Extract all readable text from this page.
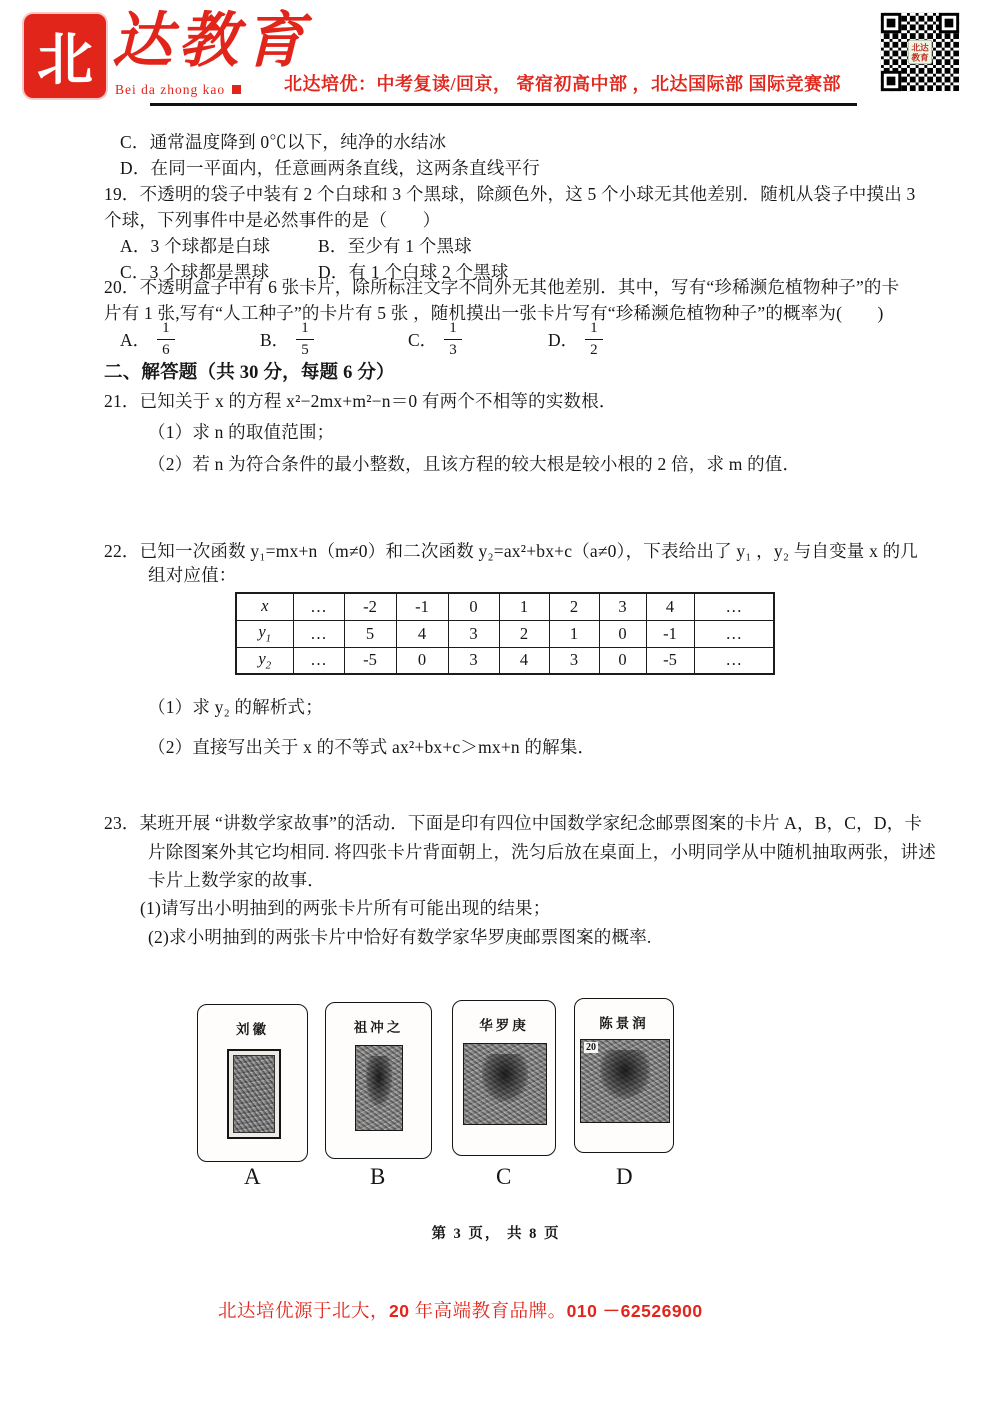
北 达教育
Bei da zhong kao	北达培优：中考复读/回京， 寄宿初高中部 ，北达国际部 国际竞赛部
北达
教育
C．通常温度降到 0℃以下，纯净的水结冰
D．在同一平面内，任意画两条直线，这两条直线平行
19．不透明的袋子中装有 2 个白球和 3 个黑球，除颜色外，这 5 个小球无其他差别．随机从袋子中摸出 3
个球，下列事件中是必然事件的是（　　）
A．3 个球都是白球	B．至少有 1 个黑球
C．3 个球都是黑球	D．有 1 个白球 2 个黑球
20．不透明盒子中有 6 张卡片，除所标注文字不同外无其他差别．其中，写有“珍稀濒危植物种子”的卡
片有 1 张,写有“人工种子”的卡片有 5 张 ，随机摸出一张卡片写有“珍稀濒危植物种子”的概率为(　　)
A． $\frac{1}{6}$	B． $\frac{1}{5}$	C． $\frac{1}{3}$	D． $\frac{1}{2}$
二、解答题（共 30 分，每题 6 分）
21．已知关于 x 的方程 x²−2mx+m²−n＝0 有两个不相等的实数根．
（1）求 n 的取值范围；
（2）若 n 为符合条件的最小整数，且该方程的较大根是较小根的 2 倍，求 m 的值．
22．已知一次函数 y₁=mx+n（m≠0）和二次函数 y₂=ax²+bx+c（a≠0），下表给出了 y₁ ，y₂ 与自变量 x 的几
组对应值：
x	…	-2	-1	0	1	2	3	4	…
$y_1$	…	5	4	3	2	1	0	-1	…
$y_2$	…	-5	0	3	4	3	0	-5	…
（1）求 y₂ 的解析式；
（2）直接写出关于 x 的不等式 ax²+bx+c＞mx+n 的解集．
23．某班开展 “讲数学家故事”的活动．下面是印有四位中国数学家纪念邮票图案的卡片 A，B，C，D，卡
片除图案外其它均相同. 将四张卡片背面朝上，洗匀后放在桌面上，小明同学从中随机抽取两张，讲述
卡片上数学家的故事．
(1)请写出小明抽到的两张卡片所有可能出现的结果；
(2)求小明抽到的两张卡片中恰好有数学家华罗庚邮票图案的概率.
刘徽	祖冲之	华罗庚	陈景润
20
A	B	C	D
第 3 页， 共 8 页
北达培优源于北大，20 年高端教育品牌。010 －62526900
